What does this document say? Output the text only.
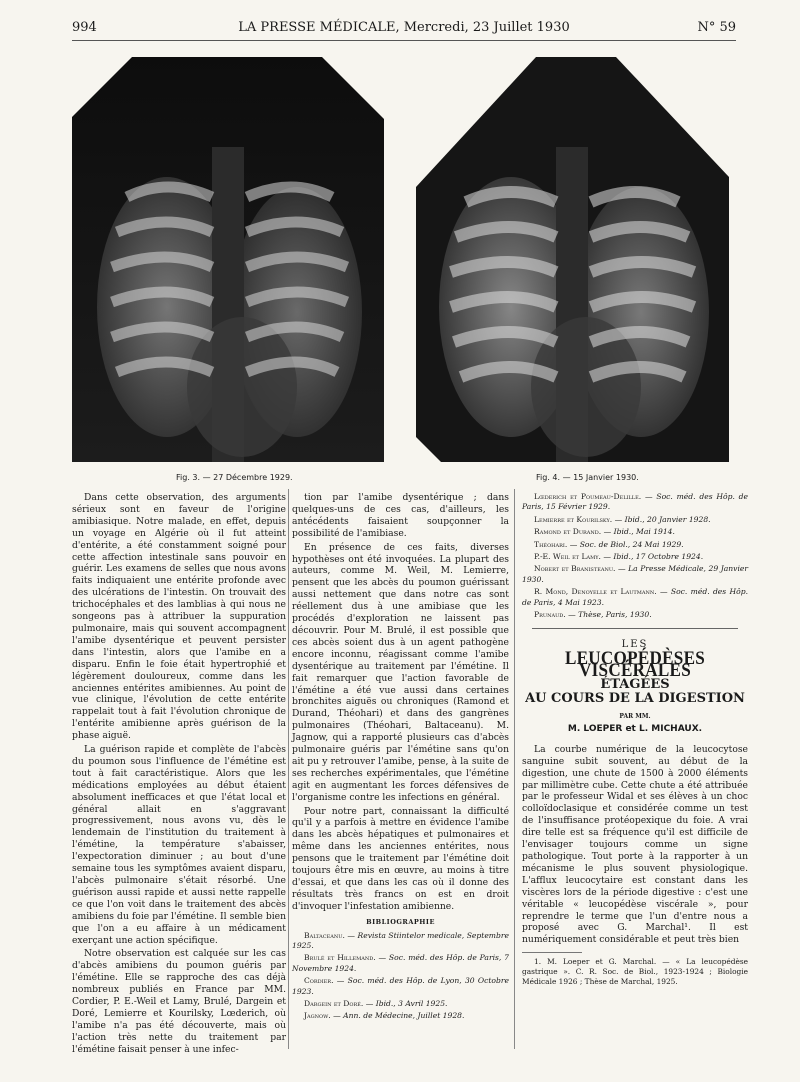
994	LA PRESSE MÉDICALE, Mercredi, 23 Juillet 1930	N° 59
Fig. 3. — 27 Décembre 1929.	Fig. 4. — 15 Janvier 1930.

Dans cette observation, des arguments sérieux sont en faveur de l'origine amibiasique. Notre malade, en effet, depuis un voyage en Algérie où il fut atteint d'entérite, a été constamment soigné pour cette affection intestinale sans pouvoir en guérir. Les examens de selles que nous avons faits indiquaient une entérite profonde avec des ulcérations de l'intestin. On trouvait des trichocéphales et des lamblias à qui nous ne songeons pas à attribuer la suppuration pulmonaire, mais qui souvent accompagnent l'amibe dysentérique et peuvent persister dans l'intestin, alors que l'amibe en a disparu. Enfin le foie était hypertrophié et légèrement douloureux, comme dans les anciennes entérites amibiennes. Au point de vue clinique, l'évolution de cette entérite rappelait tout à fait l'évolution chronique de l'entérite amibienne après guérison de la phase aiguë.

La guérison rapide et complète de l'abcès du poumon sous l'influence de l'émétine est tout à fait caractéristique. Alors que les médications employées au début étaient absolument inefficaces et que l'état local et général allait en s'aggravant progressivement, nous avons vu, dès le lendemain de l'institution du traitement à l'émétine, la température s'abaisser, l'expectoration diminuer ; au bout d'une semaine tous les symptômes avaient disparu, l'abcès pulmonaire s'était résorbé. Une guérison aussi rapide et aussi nette rappelle ce que l'on voit dans le traitement des abcès amibiens du foie par l'émétine. Il semble bien que l'on a eu affaire à un médicament exerçant une action spécifique.

Notre observation est calquée sur les cas d'abcès amibiens du poumon guéris par l'émétine. Elle se rapproche des cas déjà nombreux publiés en France par MM. Cordier, P. E.-Weil et Lamy, Brulé, Dargein et Doré, Lemierre et Kourilsky, Lœderich, où l'amibe n'a pas été découverte, mais où l'action très nette du traitement par l'émétine faisait penser à une infec-

tion par l'amibe dysentérique ; dans quelques-uns de ces cas, d'ailleurs, les antécédents faisaient soupçonner la possibilité de l'amibiase.

En présence de ces faits, diverses hypothèses ont été invoquées. La plupart des auteurs, comme M. Weil, M. Lemierre, pensent que les abcès du poumon guérissant aussi nettement que dans notre cas sont réellement dus à une amibiase que les procédés d'exploration ne laissent pas découvrir. Pour M. Brulé, il est possible que ces abcès soient dus à un agent pathogène encore inconnu, réagissant comme l'amibe dysentérique au traitement par l'émétine. Il fait remarquer que l'action favorable de l'émétine a été vue aussi dans certaines bronchites aiguës ou chroniques (Ramond et Durand, Théohari) et dans des gangrènes pulmonaires (Théohari, Baltaceanu). M. Jagnow, qui a rapporté plusieurs cas d'abcès pulmonaire guéris par l'émétine sans qu'on ait pu y retrouver l'amibe, pense, à la suite de ses recherches expérimentales, que l'émétine agit en augmentant les forces défensives de l'organisme contre les infections en général.

Pour notre part, connaissant la difficulté qu'il y a parfois à mettre en évidence l'amibe dans les abcès hépatiques et pulmonaires et même dans les anciennes entérites, nous pensons que le traitement par l'émétine doit toujours être mis en œuvre, au moins à titre d'essai, et que dans les cas où il donne des résultats très francs on est en droit d'invoquer l'infestation amibienne.

BIBLIOGRAPHIE

Baltaceanu. — Revista Stiintelor medicale, Septembre 1925.

Brulé et Hillemand. — Soc. méd. des Hôp. de Paris, 7 Novembre 1924.

Cordier. — Soc. méd. des Hôp. de Lyon, 30 Octobre 1923.

Dargein et Doré. — Ibid., 3 Avril 1925.

Jagnow. — Ann. de Médecine, Juillet 1928.

Lœderich et Poumeau-Delille. — Soc. méd. des Hôp. de Paris, 15 Février 1929.

Lemierre et Kourilsky. — Ibid., 20 Janvier 1928.

Ramond et Durand. — Ibid., Mai 1914.

Théohari. — Soc. de Biol., 24 Mai 1929.

P.-E. Weil et Lamy. — Ibid., 17 Octobre 1924.

Nobert et Branisteanu. — La Presse Médicale, 29 Janvier 1930.

R. Mond, Denoyelle et Lautmann. — Soc. méd. des Hôp. de Paris, 4 Mai 1923.

Prunaud. — Thèse, Paris, 1930.

LES
LEUCOPÉDÈSES VISCÉRALES
ÉTAGÉES
AU COURS DE LA DIGESTION
PAR MM.
M. LOEPER et L. MICHAUX.

La courbe numérique de la leucocytose sanguine subit souvent, au début de la digestion, une chute de 1500 à 2000 éléments par millimètre cube. Cette chute a été attribuée par le professeur Widal et ses élèves à un choc colloïdoclasique et considérée comme un test de l'insuffisance protéopexique du foie. A vrai dire telle est sa fréquence qu'il est difficile de l'envisager toujours comme un signe pathologique. Tout porte à la rapporter à un mécanisme le plus souvent physiologique. L'afflux leucocytaire est constant dans les viscères lors de la période digestive : c'est une véritable « leucopédèse viscérale », pour reprendre le terme que l'un d'entre nous a proposé avec G. Marchal¹. Il est numériquement considérable et peut très bien

1. M. Loeper et G. Marchal. — « La leucopédèse gastrique ». C. R. Soc. de Biol., 1923-1924 ; Biologie Médicale 1926 ; Thèse de Marchal, 1925.
